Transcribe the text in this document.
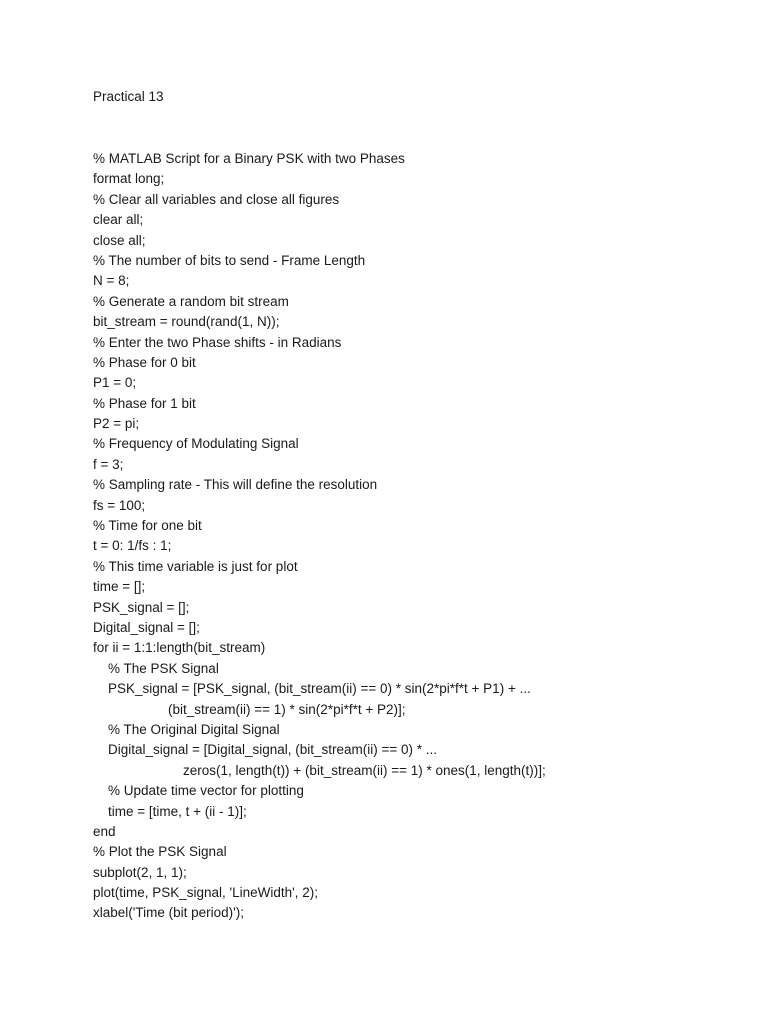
Practical 13
% MATLAB Script for a Binary PSK with two Phases
format long;
% Clear all variables and close all figures
clear all;
close all;
% The number of bits to send - Frame Length
N = 8;
% Generate a random bit stream
bit_stream = round(rand(1, N));
% Enter the two Phase shifts - in Radians
% Phase for 0 bit
P1 = 0;
% Phase for 1 bit
P2 = pi;
% Frequency of Modulating Signal
f = 3;
% Sampling rate - This will define the resolution
fs = 100;
% Time for one bit
t = 0: 1/fs : 1;
% This time variable is just for plot
time = [];
PSK_signal = [];
Digital_signal = [];
for ii = 1:1:length(bit_stream)
% The PSK Signal
PSK_signal = [PSK_signal, (bit_stream(ii) == 0) * sin(2*pi*f*t + P1) + ...
(bit_stream(ii) == 1) * sin(2*pi*f*t + P2)];
% The Original Digital Signal
Digital_signal = [Digital_signal, (bit_stream(ii) == 0) * ...
zeros(1, length(t)) + (bit_stream(ii) == 1) * ones(1, length(t))];
% Update time vector for plotting
time = [time, t + (ii - 1)];
end
% Plot the PSK Signal
subplot(2, 1, 1);
plot(time, PSK_signal, 'LineWidth', 2);
xlabel('Time (bit period)');
